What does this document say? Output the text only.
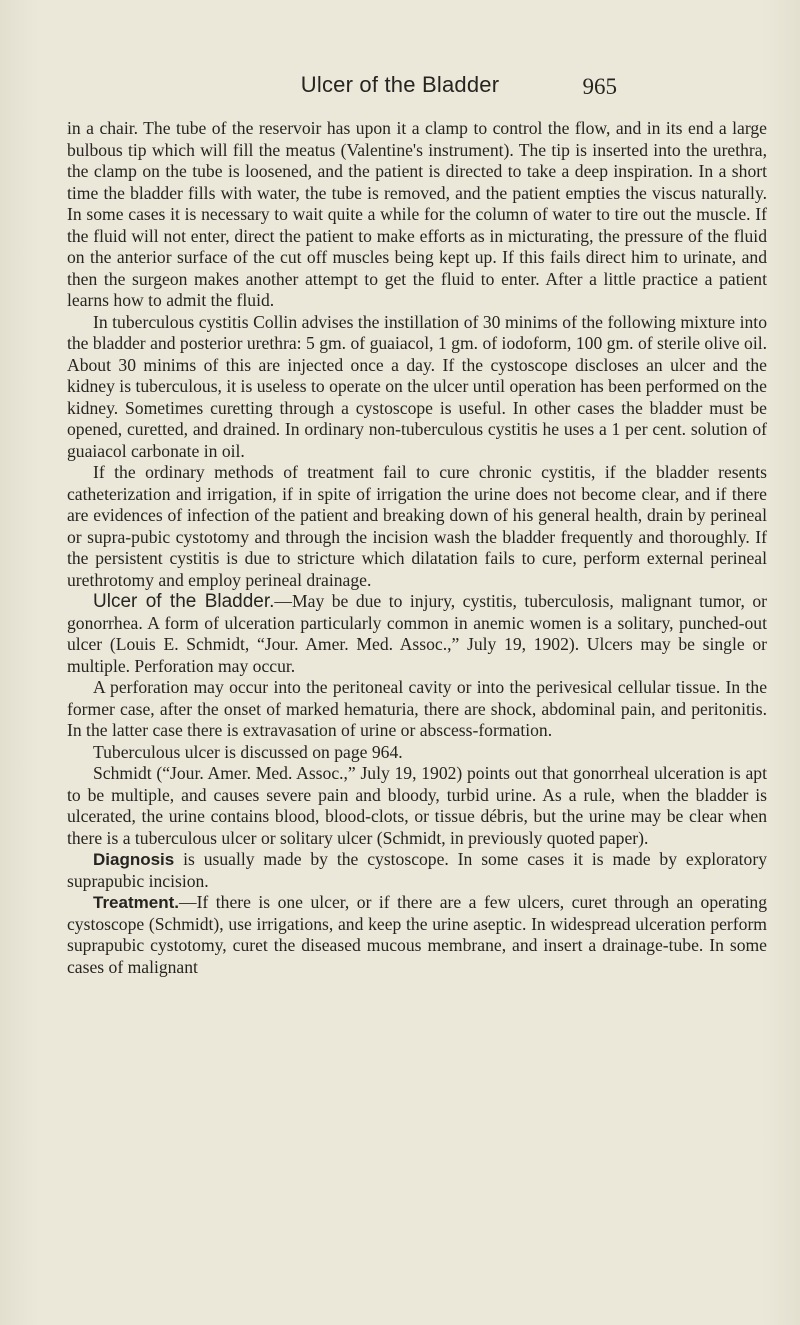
Ulcer of the Bladder	965

in a chair. The tube of the reservoir has upon it a clamp to control the flow, and in its end a large bulbous tip which will fill the meatus (Valentine's instrument). The tip is inserted into the urethra, the clamp on the tube is loosened, and the patient is directed to take a deep inspiration. In a short time the bladder fills with water, the tube is removed, and the patient empties the viscus naturally. In some cases it is necessary to wait quite a while for the column of water to tire out the muscle. If the fluid will not enter, direct the patient to make efforts as in micturating, the pressure of the fluid on the anterior surface of the cut off muscles being kept up. If this fails direct him to urinate, and then the surgeon makes another attempt to get the fluid to enter. After a little practice a patient learns how to admit the fluid.

In tuberculous cystitis Collin advises the instillation of 30 minims of the following mixture into the bladder and posterior urethra: 5 gm. of guaiacol, 1 gm. of iodoform, 100 gm. of sterile olive oil. About 30 minims of this are injected once a day. If the cystoscope discloses an ulcer and the kidney is tuberculous, it is useless to operate on the ulcer until operation has been performed on the kidney. Sometimes curetting through a cystoscope is useful. In other cases the bladder must be opened, curetted, and drained. In ordinary non-tuberculous cystitis he uses a 1 per cent. solution of guaiacol carbonate in oil.

If the ordinary methods of treatment fail to cure chronic cystitis, if the bladder resents catheterization and irrigation, if in spite of irrigation the urine does not become clear, and if there are evidences of infection of the patient and breaking down of his general health, drain by perineal or supra-pubic cystotomy and through the incision wash the bladder frequently and thoroughly. If the persistent cystitis is due to stricture which dilatation fails to cure, perform external perineal urethrotomy and employ perineal drainage.

Ulcer of the Bladder.—May be due to injury, cystitis, tuberculosis, malignant tumor, or gonorrhea. A form of ulceration particularly common in anemic women is a solitary, punched-out ulcer (Louis E. Schmidt, “Jour. Amer. Med. Assoc.,” July 19, 1902). Ulcers may be single or multiple. Perforation may occur.

A perforation may occur into the peritoneal cavity or into the perivesical cellular tissue. In the former case, after the onset of marked hematuria, there are shock, abdominal pain, and peritonitis. In the latter case there is extravasation of urine or abscess-formation.

Tuberculous ulcer is discussed on page 964.

Schmidt (“Jour. Amer. Med. Assoc.,” July 19, 1902) points out that gonorrheal ulceration is apt to be multiple, and causes severe pain and bloody, turbid urine. As a rule, when the bladder is ulcerated, the urine contains blood, blood-clots, or tissue débris, but the urine may be clear when there is a tuberculous ulcer or solitary ulcer (Schmidt, in previously quoted paper).

Diagnosis is usually made by the cystoscope. In some cases it is made by exploratory suprapubic incision.

Treatment.—If there is one ulcer, or if there are a few ulcers, curet through an operating cystoscope (Schmidt), use irrigations, and keep the urine aseptic. In widespread ulceration perform suprapubic cystotomy, curet the diseased mucous membrane, and insert a drainage-tube. In some cases of malignant
